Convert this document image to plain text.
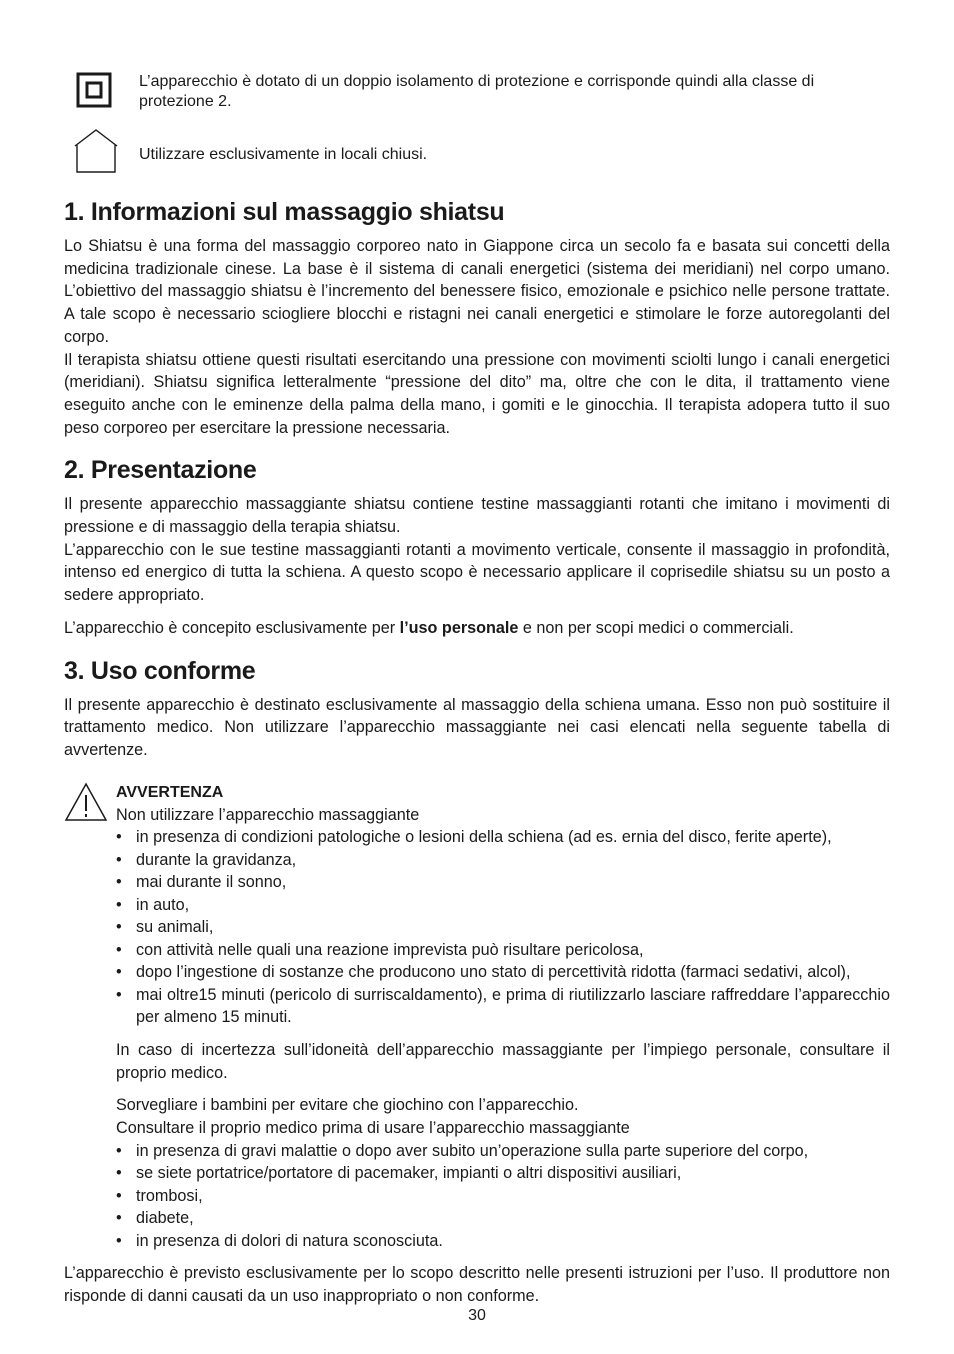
L’apparecchio è dotato di un doppio isolamento di protezione e corrisponde quindi alla classe di protezione 2.
Utilizzare esclusivamente in locali chiusi.
1. Informazioni sul massaggio shiatsu

Lo Shiatsu è una forma del massaggio corporeo nato in Giappone circa un secolo fa e basata sui concetti della medicina tradizionale cinese. La base è il sistema di canali energetici (sistema dei meridiani) nel corpo umano. L’obiettivo del massaggio shiatsu è l’incremento del benessere fisico, emozionale e psichico nelle persone trattate. A tale scopo è necessario sciogliere blocchi e ristagni nei canali energetici e stimolare le forze autoregolanti del corpo.

Il terapista shiatsu ottiene questi risultati esercitando una pressione con movimenti sciolti lungo i canali energetici (meridiani). Shiatsu significa letteralmente “pressione del dito” ma, oltre che con le dita, il trattamento viene eseguito anche con le eminenze della palma della mano, i gomiti e le ginocchia. Il terapista adopera tutto il suo peso corporeo per esercitare la pressione necessaria.

2. Presentazione

Il presente apparecchio massaggiante shiatsu contiene testine massaggianti rotanti che imitano i movimenti di pressione e di massaggio della terapia shiatsu.

L’apparecchio con le sue testine massaggianti rotanti a movimento verticale, consente il massaggio in profondità, intenso ed energico di tutta la schiena. A questo scopo è necessario applicare il coprisedile shiatsu su un posto a sedere appropriato.

L’apparecchio è concepito esclusivamente per l’uso personale e non per scopi medici o commerciali.

3. Uso conforme

Il presente apparecchio è destinato esclusivamente al massaggio della schiena umana. Esso non può sostituire il trattamento medico. Non utilizzare l’apparecchio massaggiante nei casi elencati nella seguente tabella di avvertenze.

AVVERTENZA

Non utilizzare l’apparecchio massaggiante

• in presenza di condizioni patologiche o lesioni della schiena (ad es. ernia del disco, ferite aperte),
• durante la gravidanza,
• mai durante il sonno,
• in auto,
• su animali,
• con attività nelle quali una reazione imprevista può risultare pericolosa,
• dopo l’ingestione di sostanze che producono uno stato di percettività ridotta (farmaci sedativi, alcol),
• mai oltre15 minuti (pericolo di surriscaldamento), e prima di riutilizzarlo lasciare raffreddare l’apparecchio per almeno 15 minuti.

In caso di incertezza sull’idoneità dell’apparecchio massaggiante per l’impiego personale, consultare il proprio medico.

Sorvegliare i bambini per evitare che giochino con l’apparecchio.

Consultare il proprio medico prima di usare l’apparecchio massaggiante

• in presenza di gravi malattie o dopo aver subito un’operazione sulla parte superiore del corpo,
• se siete portatrice/portatore di pacemaker, impianti o altri dispositivi ausiliari,
• trombosi,
• diabete,
• in presenza di dolori di natura sconosciuta.

L’apparecchio è previsto esclusivamente per lo scopo descritto nelle presenti istruzioni per l’uso. Il produttore non risponde di danni causati da un uso inappropriato o non conforme.

30
